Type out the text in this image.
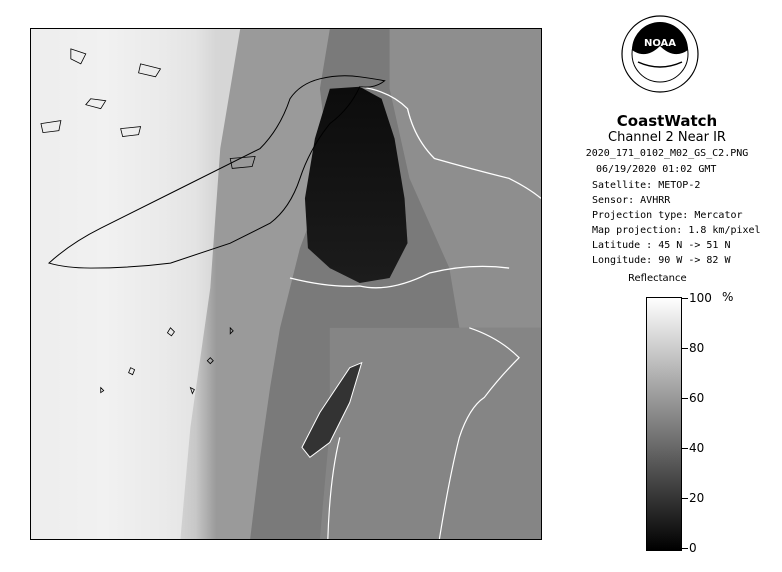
NOAA
CoastWatch
Channel 2 Near IR
2020_171_0102_M02_GS_C2.PNG
06/19/2020 01:02 GMT
Satellite: METOP-2
Sensor: AVHRR
Projection type: Mercator
Map projection: 1.8 km/pixel
Latitude : 45 N -> 51 N
Longitude: 90 W -> 82 W
Reflectance
%
100
80
60
40
20
0
